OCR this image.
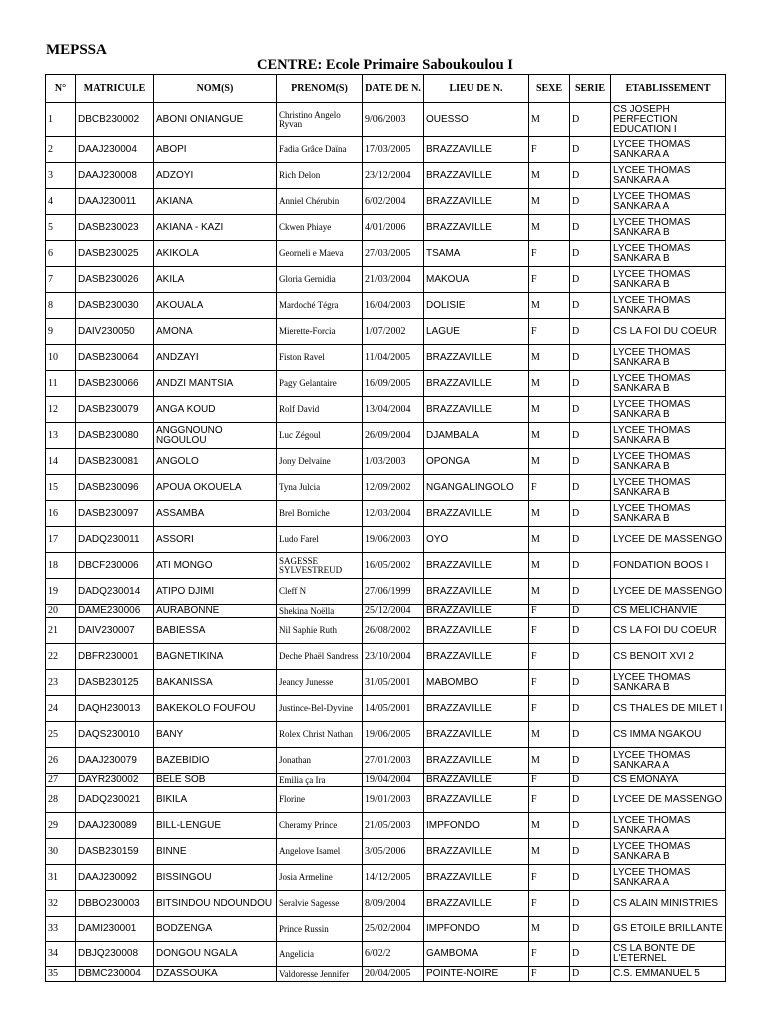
MEPSSA
CENTRE: Ecole Primaire Saboukoulou I
N°	MATRICULE	NOM(S)	PRENOM(S)	DATE DE N.	LIEU DE N.	SEXE	SERIE	ETABLISSEMENT
1	DBCB230002	ABONI ONIANGUE	Christino Angelo Ryvan	9/06/2003	OUESSO	M	D	CS JOSEPH PERFECTION EDUCATION I
2	DAAJ230004	ABOPI	Fadia Grâce Daïna	17/03/2005	BRAZZAVILLE	F	D	LYCEE THOMAS SANKARA A
3	DAAJ230008	ADZOYI	Rich Delon	23/12/2004	BRAZZAVILLE	M	D	LYCEE THOMAS SANKARA A
4	DAAJ230011	AKIANA	Anniel Chérubin	6/02/2004	BRAZZAVILLE	M	D	LYCEE THOMAS SANKARA A
5	DASB230023	AKIANA - KAZI	Ckwen Phiaye	4/01/2006	BRAZZAVILLE	M	D	LYCEE THOMAS SANKARA B
6	DASB230025	AKIKOLA	Georneli e Maeva	27/03/2005	TSAMA	F	D	LYCEE THOMAS SANKARA B
7	DASB230026	AKILA	Gloria Gernidia	21/03/2004	MAKOUA	F	D	LYCEE THOMAS SANKARA B
8	DASB230030	AKOUALA	Mardoché Tégra	16/04/2003	DOLISIE	M	D	LYCEE THOMAS SANKARA B
9	DAIV230050	AMONA	Mierette-Forcia	1/07/2002	LAGUE	F	D	CS LA FOI DU COEUR
10	DASB230064	ANDZAYI	Fiston Ravel	11/04/2005	BRAZZAVILLE	M	D	LYCEE THOMAS SANKARA B
11	DASB230066	ANDZI MANTSIA	Pagy Gelantaire	16/09/2005	BRAZZAVILLE	M	D	LYCEE THOMAS SANKARA B
12	DASB230079	ANGA KOUD	Rolf David	13/04/2004	BRAZZAVILLE	M	D	LYCEE THOMAS SANKARA B
13	DASB230080	ANGGNOUNO NGOULOU	Luc Zégoul	26/09/2004	DJAMBALA	M	D	LYCEE THOMAS SANKARA B
14	DASB230081	ANGOLO	Jony Delvaine	1/03/2003	OPONGA	M	D	LYCEE THOMAS SANKARA B
15	DASB230096	APOUA OKOUELA	Tyna Julcia	12/09/2002	NGANGALINGOLO	F	D	LYCEE THOMAS SANKARA B
16	DASB230097	ASSAMBA	Brel Borniche	12/03/2004	BRAZZAVILLE	M	D	LYCEE THOMAS SANKARA B
17	DADQ230011	ASSORI	Ludo Farel	19/06/2003	OYO	M	D	LYCEE DE MASSENGO
18	DBCF230006	ATI MONGO	SAGESSE SYLVESTREUD	16/05/2002	BRAZZAVILLE	M	D	FONDATION BOOS I
19	DADQ230014	ATIPO DJIMI	Cleff N	27/06/1999	BRAZZAVILLE	M	D	LYCEE DE MASSENGO
20	DAME230006	AURABONNE	Shekina Noëlla	25/12/2004	BRAZZAVILLE	F	D	CS MELICHANVIE
21	DAIV230007	BABIESSA	Nil Saphie Ruth	26/08/2002	BRAZZAVILLE	F	D	CS LA FOI DU COEUR
22	DBFR230001	BAGNETIKINA	Deche Phaël Sandress	23/10/2004	BRAZZAVILLE	F	D	CS BENOIT XVI 2
23	DASB230125	BAKANISSA	Jeancy Junesse	31/05/2001	MABOMBO	F	D	LYCEE THOMAS SANKARA B
24	DAQH230013	BAKEKOLO FOUFOU	Justince-Bel-Dyvine	14/05/2001	BRAZZAVILLE	F	D	CS THALES DE MILET I
25	DAQS230010	BANY	Rolex Christ Nathan	19/06/2005	BRAZZAVILLE	M	D	CS IMMA NGAKOU
26	DAAJ230079	BAZEBIDIO	Jonathan	27/01/2003	BRAZZAVILLE	M	D	LYCEE THOMAS SANKARA A
27	DAYR230002	BELE SOB	Emilia ça Ira	19/04/2004	BRAZZAVILLE	F	D	CS EMONAYA
28	DADQ230021	BIKILA	Florine	19/01/2003	BRAZZAVILLE	F	D	LYCEE DE MASSENGO
29	DAAJ230089	BILL-LENGUE	Cheramy Prince	21/05/2003	IMPFONDO	M	D	LYCEE THOMAS SANKARA A
30	DASB230159	BINNE	Angelove Isamel	3/05/2006	BRAZZAVILLE	M	D	LYCEE THOMAS SANKARA B
31	DAAJ230092	BISSINGOU	Josia Armeline	14/12/2005	BRAZZAVILLE	F	D	LYCEE THOMAS SANKARA A
32	DBBO230003	BITSINDOU NDOUNDOU	Seralvie Sagesse	8/09/2004	BRAZZAVILLE	F	D	CS ALAIN MINISTRIES
33	DAMI230001	BODZENGA	Prince Russin	25/02/2004	IMPFONDO	M	D	GS ETOILE BRILLANTE
34	DBJQ230008	DONGOU NGALA	Angelicia	6/02/2	GAMBOMA	F	D	CS LA BONTE DE L'ETERNEL
35	DBMC230004	DZASSOUKA	Valdoresse Jennifer	20/04/2005	POINTE-NOIRE	F	D	C.S. EMMANUEL 5
